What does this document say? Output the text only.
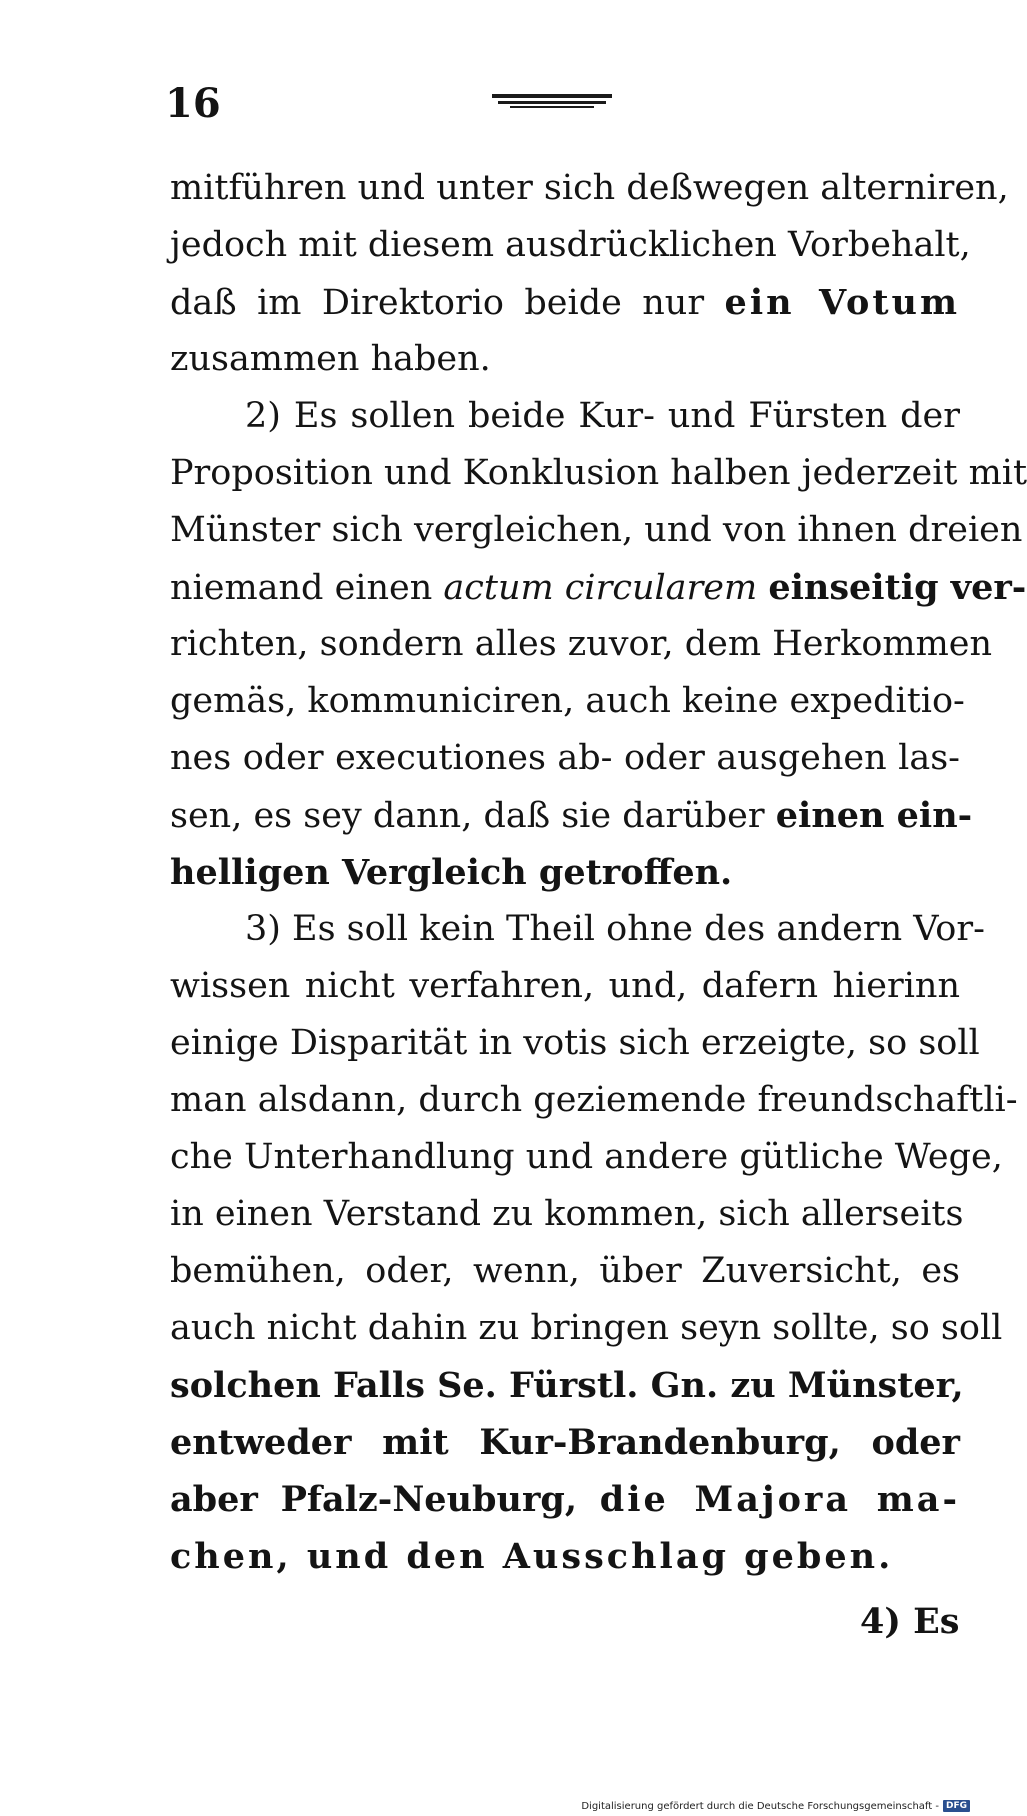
16
mitführen und unter sich deßwegen alterniren,
jedoch mit diesem ausdrücklichen Vorbehalt,
daß im Direktorio beide nur ein Votum
zusammen haben.
2) Es sollen beide Kur- und Fürsten der
Proposition und Konklusion halben jederzeit mit
Münster sich vergleichen, und von ihnen dreien
niemand einen actum circularem einseitig ver-
richten, sondern alles zuvor, dem Herkommen
gemäs, kommuniciren, auch keine expeditio-
nes oder executiones ab- oder ausgehen las-
sen, es sey dann, daß sie darüber einen ein-
helligen Vergleich getroffen.
3) Es soll kein Theil ohne des andern Vor-
wissen nicht verfahren, und, dafern hierinn
einige Disparität in votis sich erzeigte, so soll
man alsdann, durch geziemende freundschaftli-
che Unterhandlung und andere gütliche Wege,
in einen Verstand zu kommen, sich allerseits
bemühen, oder, wenn, über Zuversicht, es
auch nicht dahin zu bringen seyn sollte, so soll
solchen Falls Se. Fürstl. Gn. zu Münster,
entweder mit Kur-Brandenburg, oder
aber Pfalz-Neuburg, die Majora ma-
chen, und den Ausschlag geben.
4) Es
Digitalisierung gefördert durch die Deutsche Forschungsgemeinschaft - DFG
